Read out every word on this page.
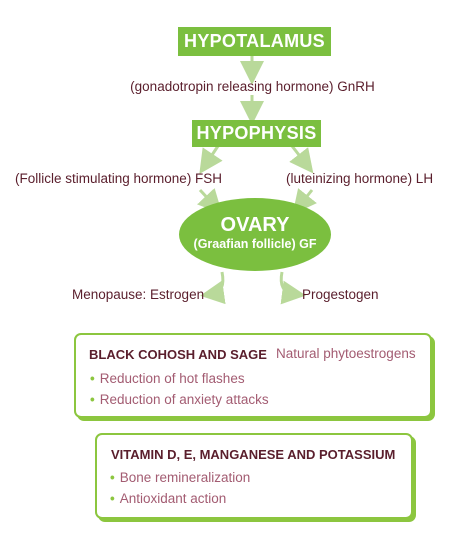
HYPOTALAMUS
(gonadotropin releasing hormone) GnRH
HYPOPHYSIS
(Follicle stimulating hormone) FSH	(luteinizing hormone) LH
OVARY
(Graafian follicle) GF
Menopause: Estrogen	Progestogen
BLACK COHOSH AND SAGE Natural phytoestrogens
• Reduction of hot flashes
• Reduction of anxiety attacks
VITAMIN D, E, MANGANESE AND POTASSIUM
• Bone remineralization
• Antioxidant action
